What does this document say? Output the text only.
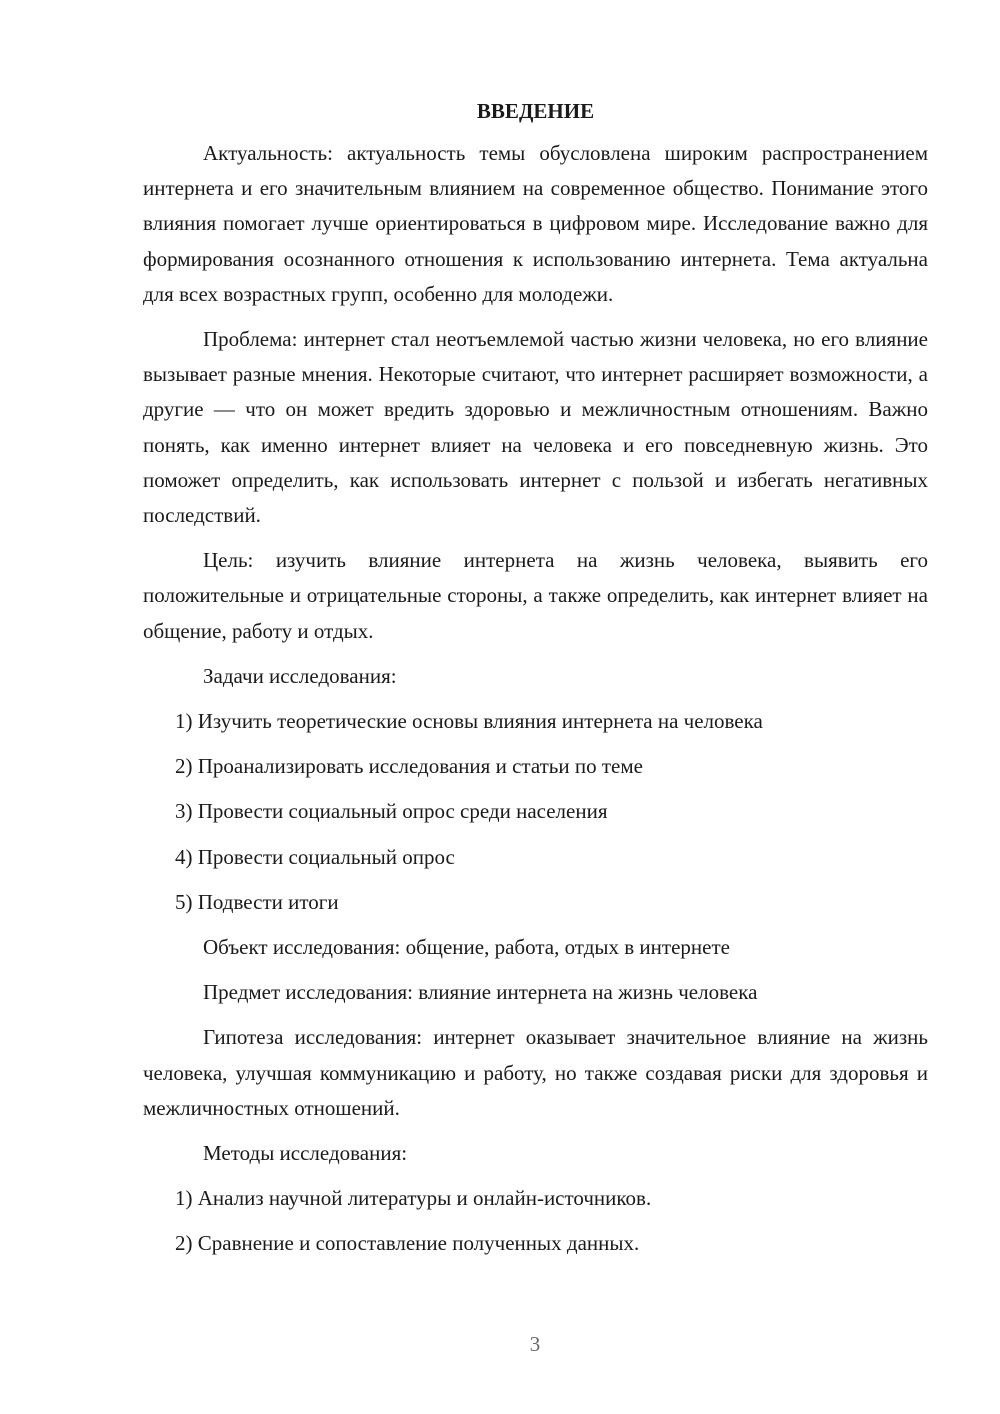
ВВЕДЕНИЕ

Актуальность: актуальность темы обусловлена широким распространением интернета и его значительным влиянием на современное общество. Понимание этого влияния помогает лучше ориентироваться в цифровом мире. Исследование важно для формирования осознанного отношения к использованию интернета. Тема актуальна для всех возрастных групп, особенно для молодежи.

Проблема: интернет стал неотъемлемой частью жизни человека, но его влияние вызывает разные мнения. Некоторые считают, что интернет расширяет возможности, а другие — что он может вредить здоровью и межличностным отношениям. Важно понять, как именно интернет влияет на человека и его повседневную жизнь. Это поможет определить, как использовать интернет с пользой и избегать негативных последствий.

Цель: изучить влияние интернета на жизнь человека, выявить его положительные и отрицательные стороны, а также определить, как интернет влияет на общение, работу и отдых.

Задачи исследования:
1) Изучить теоретические основы влияния интернета на человека
2) Проанализировать исследования и статьи по теме
3) Провести социальный опрос среди населения
4) Провести социальный опрос
5) Подвести итоги
Объект исследования: общение, работа, отдых в интернете
Предмет исследования: влияние интернета на жизнь человека

Гипотеза исследования: интернет оказывает значительное влияние на жизнь человека, улучшая коммуникацию и работу, но также создавая риски для здоровья и межличностных отношений.

Методы исследования:
1) Анализ научной литературы и онлайн-источников.
2) Сравнение и сопоставление полученных данных.
3
